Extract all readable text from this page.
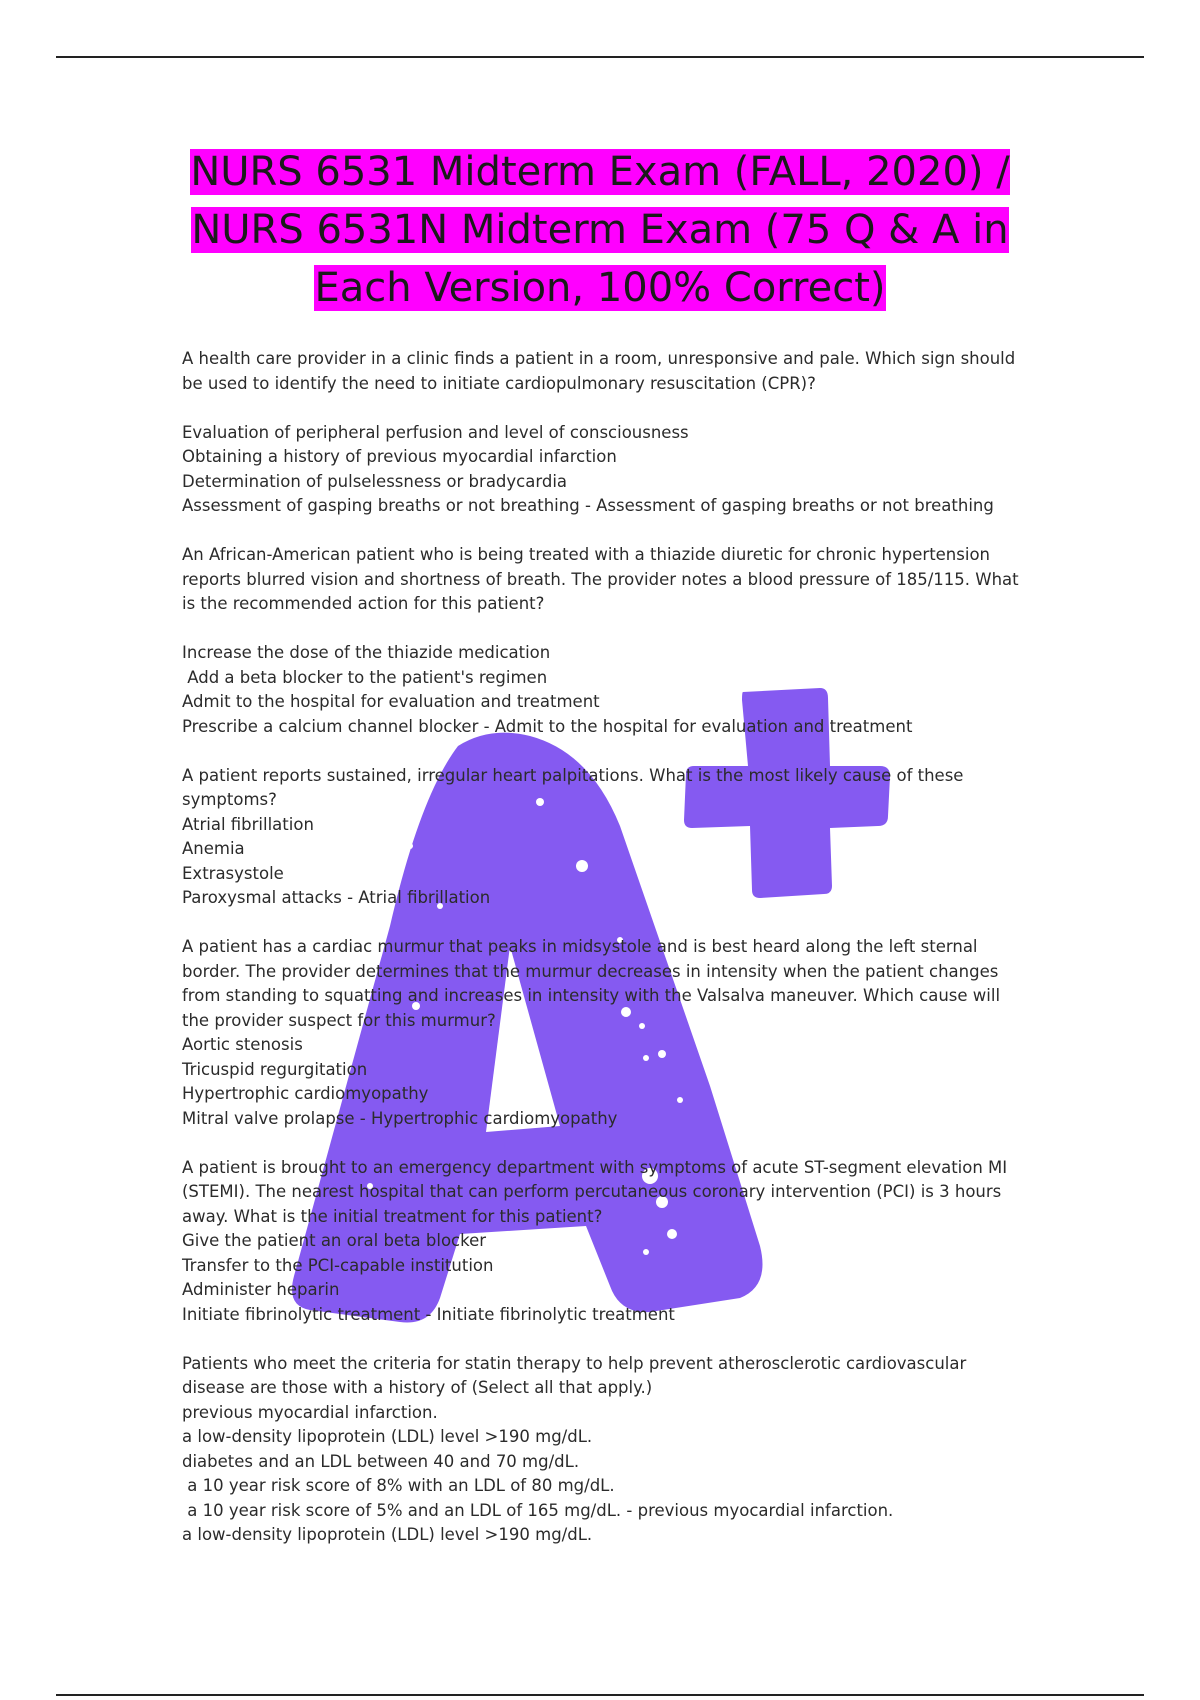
NURS 6531 Midterm Exam (FALL, 2020) / NURS 6531N Midterm Exam (75 Q & A in Each Version, 100% Correct)
A health care provider in a clinic finds a patient in a room, unresponsive and pale. Which sign should
be used to identify the need to initiate cardiopulmonary resuscitation (CPR)?
Evaluation of peripheral perfusion and level of consciousness
Obtaining a history of previous myocardial infarction
Determination of pulselessness or bradycardia
Assessment of gasping breaths or not breathing - Assessment of gasping breaths or not breathing
An African-American patient who is being treated with a thiazide diuretic for chronic hypertension
reports blurred vision and shortness of breath. The provider notes a blood pressure of 185/115. What
is the recommended action for this patient?
Increase the dose of the thiazide medication
Add a beta blocker to the patient's regimen
Admit to the hospital for evaluation and treatment
Prescribe a calcium channel blocker - Admit to the hospital for evaluation and treatment
A patient reports sustained, irregular heart palpitations. What is the most likely cause of these
symptoms?
Atrial fibrillation
Anemia
Extrasystole
Paroxysmal attacks - Atrial fibrillation
A patient has a cardiac murmur that peaks in midsystole and is best heard along the left sternal
border. The provider determines that the murmur decreases in intensity when the patient changes
from standing to squatting and increases in intensity with the Valsalva maneuver. Which cause will
the provider suspect for this murmur?
Aortic stenosis
Tricuspid regurgitation
Hypertrophic cardiomyopathy
Mitral valve prolapse - Hypertrophic cardiomyopathy
A patient is brought to an emergency department with symptoms of acute ST-segment elevation MI
(STEMI). The nearest hospital that can perform percutaneous coronary intervention (PCI) is 3 hours
away. What is the initial treatment for this patient?
Give the patient an oral beta blocker
Transfer to the PCI-capable institution
Administer heparin
Initiate fibrinolytic treatment - Initiate fibrinolytic treatment
Patients who meet the criteria for statin therapy to help prevent atherosclerotic cardiovascular
disease are those with a history of (Select all that apply.)
previous myocardial infarction.
a low-density lipoprotein (LDL) level >190 mg/dL.
diabetes and an LDL between 40 and 70 mg/dL.
a 10 year risk score of 8% with an LDL of 80 mg/dL.
a 10 year risk score of 5% and an LDL of 165 mg/dL. - previous myocardial infarction.
a low-density lipoprotein (LDL) level >190 mg/dL.
